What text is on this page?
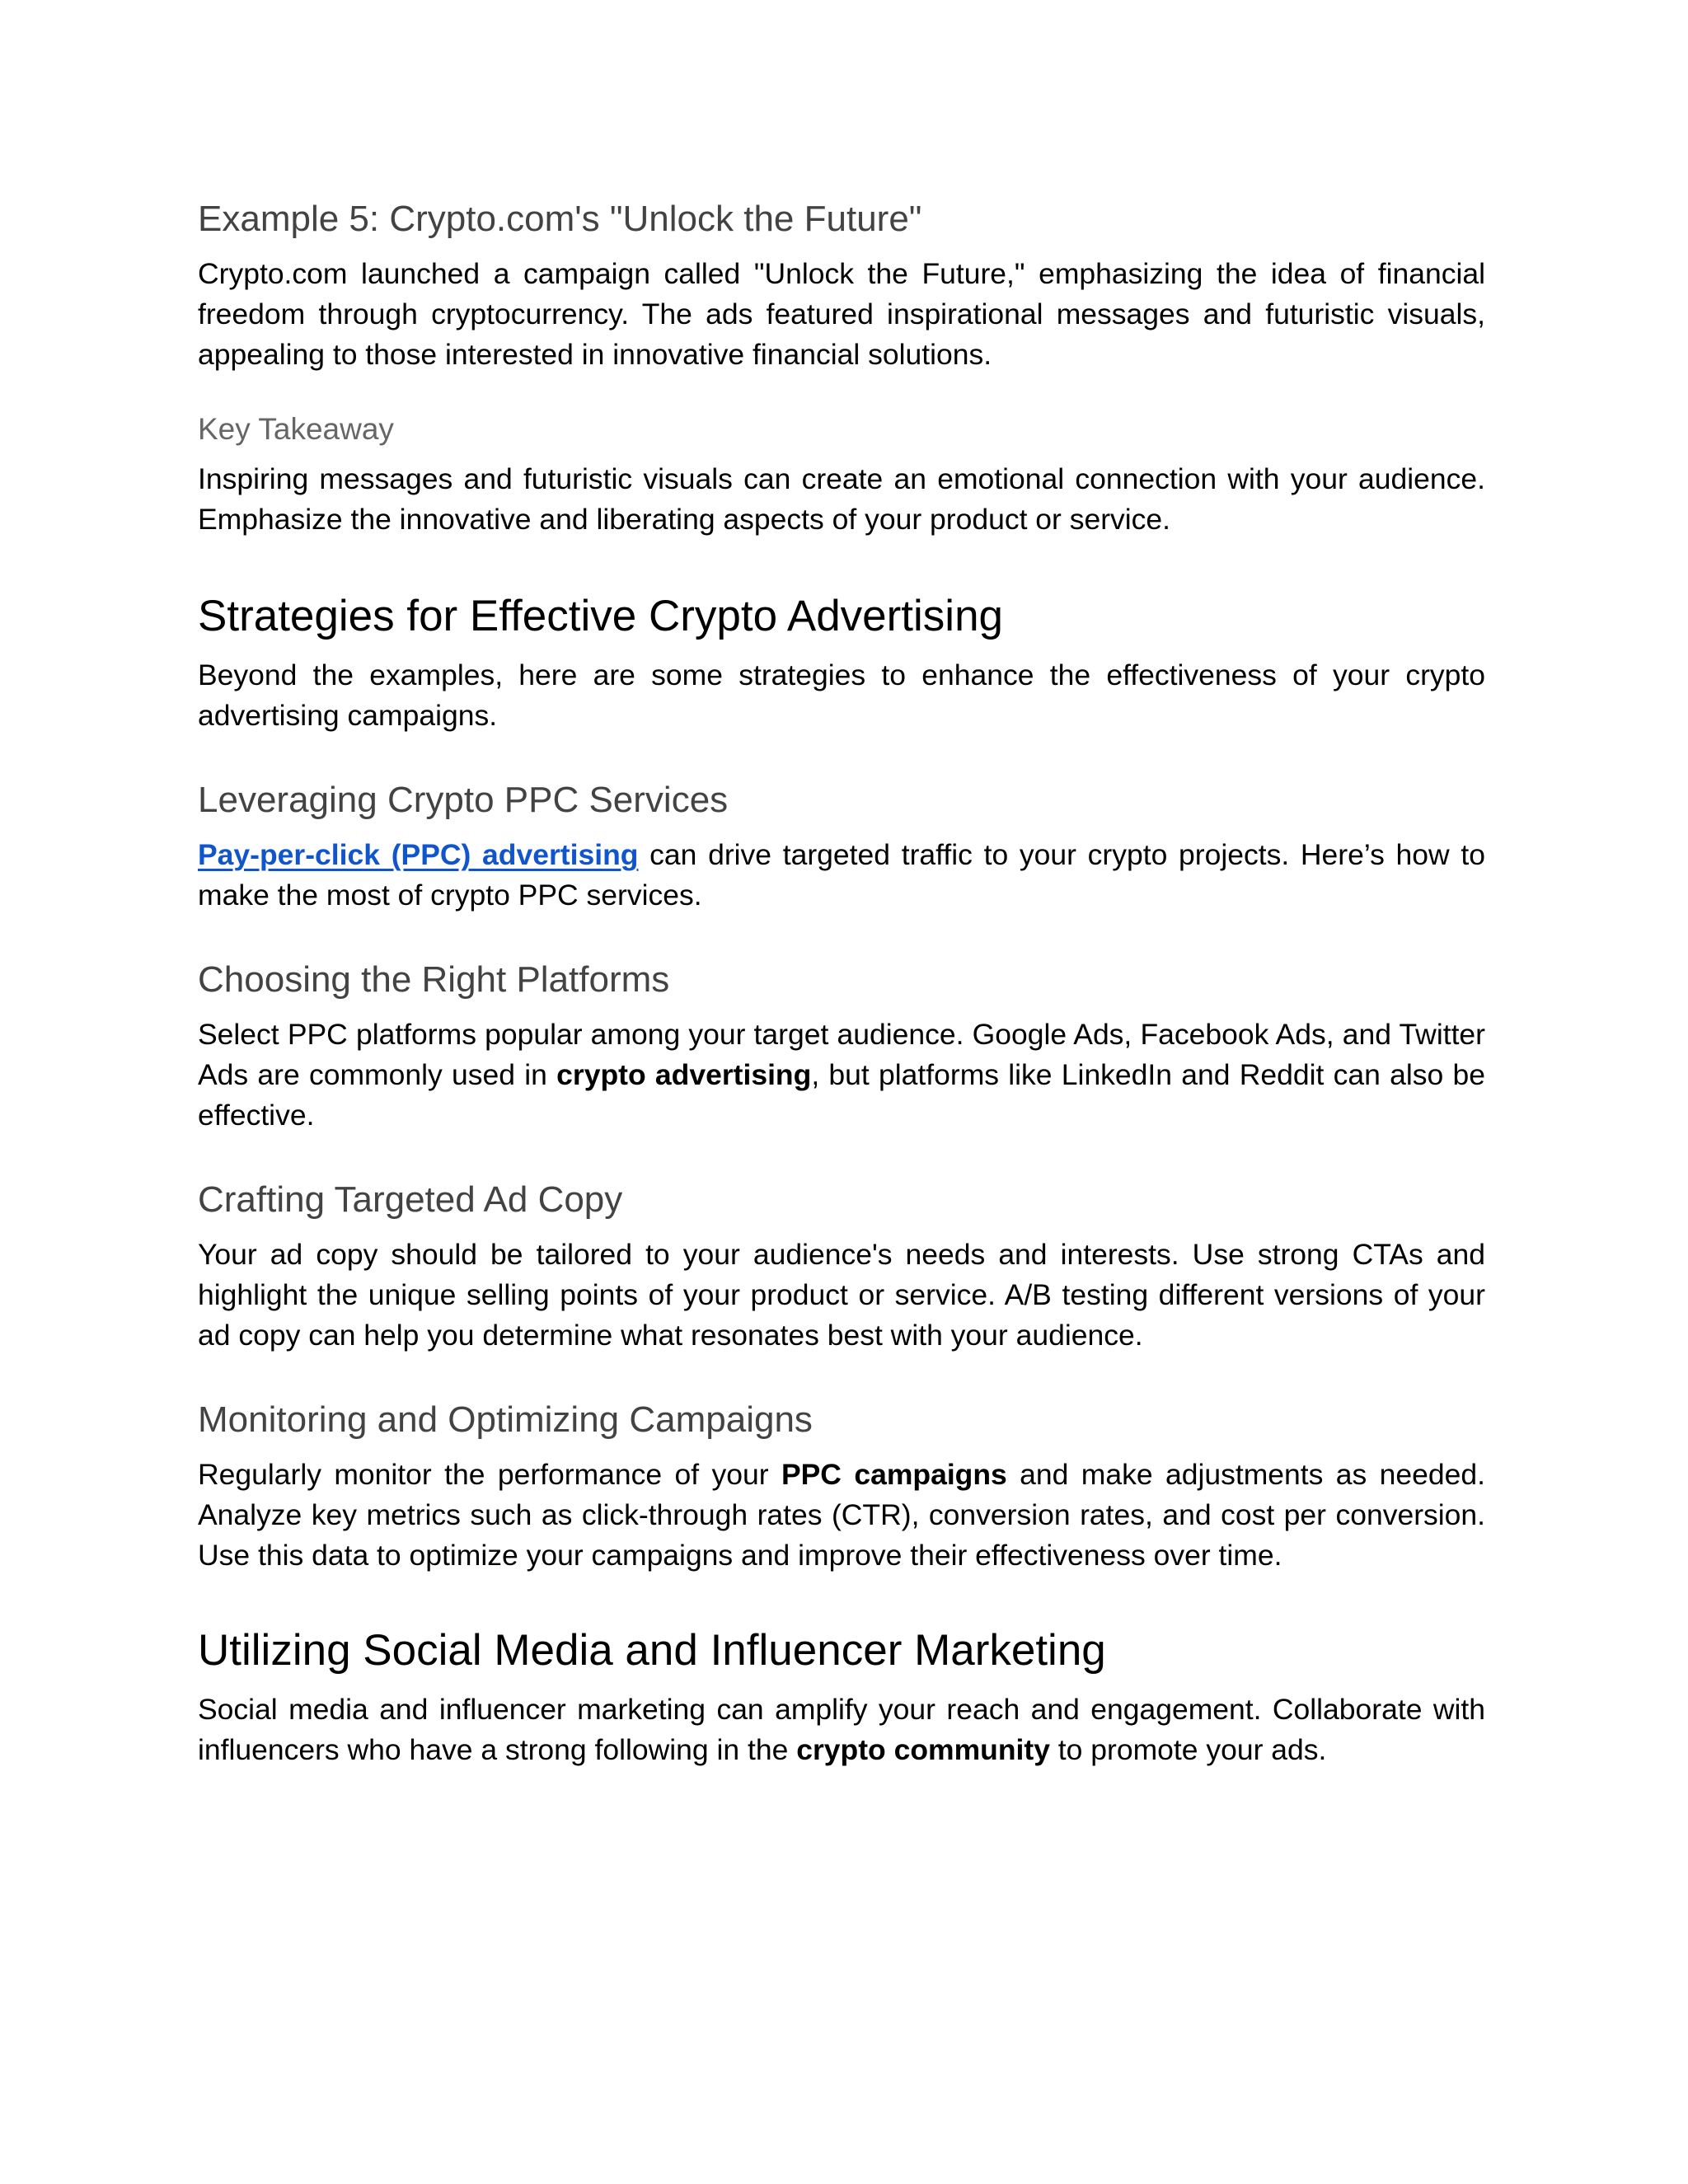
Example 5: Crypto.com's "Unlock the Future"

Crypto.com launched a campaign called "Unlock the Future," emphasizing the idea of financial freedom through cryptocurrency. The ads featured inspirational messages and futuristic visuals, appealing to those interested in innovative financial solutions.

Key Takeaway

Inspiring messages and futuristic visuals can create an emotional connection with your audience. Emphasize the innovative and liberating aspects of your product or service.

Strategies for Effective Crypto Advertising

Beyond the examples, here are some strategies to enhance the effectiveness of your crypto advertising campaigns.

Leveraging Crypto PPC Services

Pay-per-click (PPC) advertising can drive targeted traffic to your crypto projects. Here’s how to make the most of crypto PPC services.

Choosing the Right Platforms

Select PPC platforms popular among your target audience. Google Ads, Facebook Ads, and Twitter Ads are commonly used in crypto advertising, but platforms like LinkedIn and Reddit can also be effective.

Crafting Targeted Ad Copy

Your ad copy should be tailored to your audience's needs and interests. Use strong CTAs and highlight the unique selling points of your product or service. A/B testing different versions of your ad copy can help you determine what resonates best with your audience.

Monitoring and Optimizing Campaigns

Regularly monitor the performance of your PPC campaigns and make adjustments as needed. Analyze key metrics such as click-through rates (CTR), conversion rates, and cost per conversion. Use this data to optimize your campaigns and improve their effectiveness over time.

Utilizing Social Media and Influencer Marketing

Social media and influencer marketing can amplify your reach and engagement. Collaborate with influencers who have a strong following in the crypto community to promote your ads.
